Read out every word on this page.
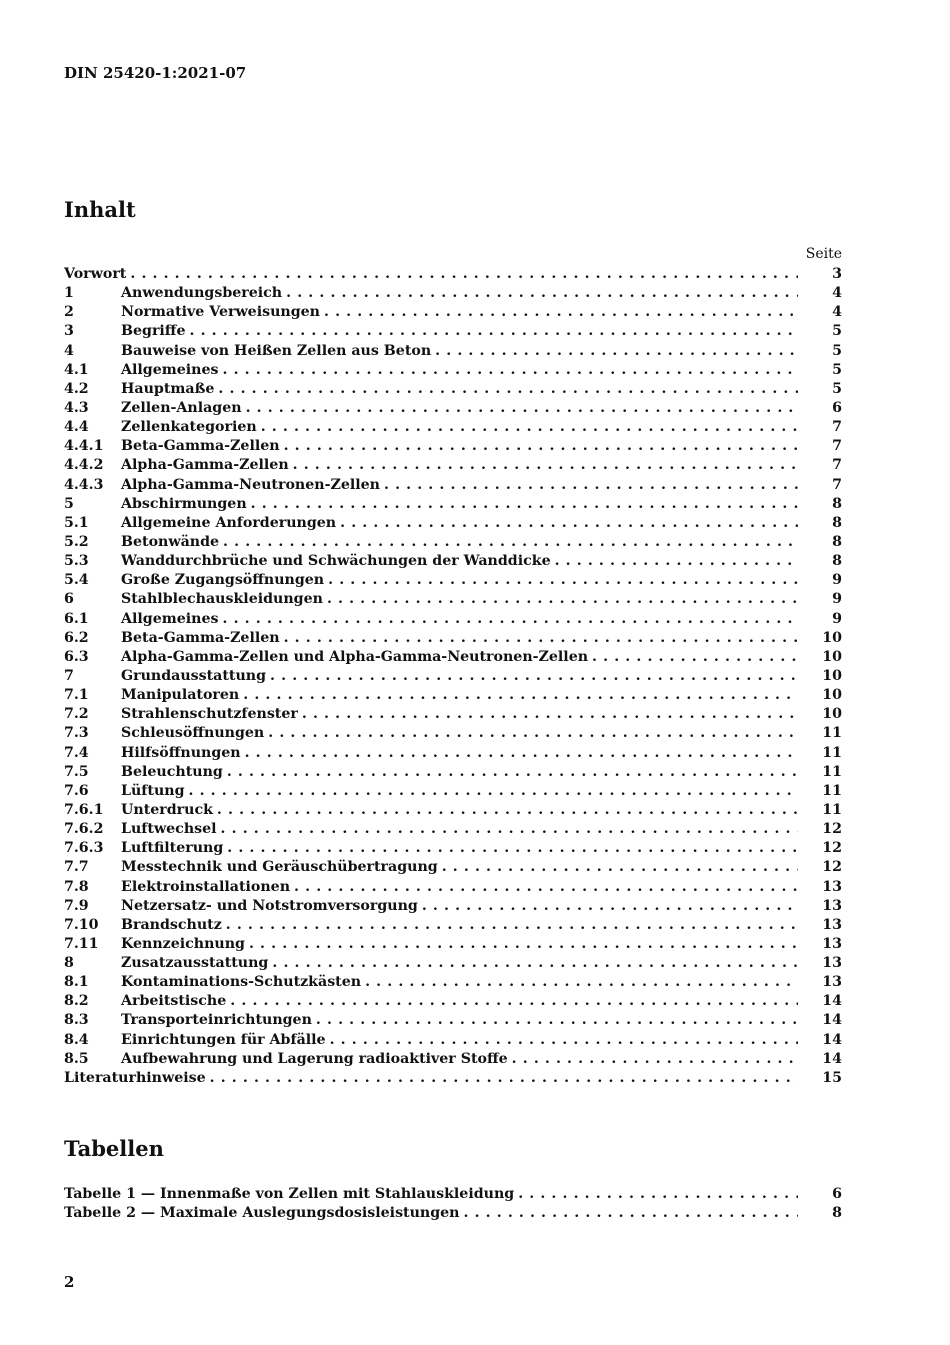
DIN 25420-1:2021-07
Inhalt
Seite
Vorwort . . .	3
1	Anwendungsbereich . . .	4
2	Normative Verweisungen . . .	4
3	Begriffe . . .	5
4	Bauweise von Heißen Zellen aus Beton . . .	5
4.1	Allgemeines . . .	5
4.2	Hauptmaße . . .	5
4.3	Zellen-Anlagen . . .	6
4.4	Zellenkategorien . . .	7
4.4.1	Beta-Gamma-Zellen . . .	7
4.4.2	Alpha-Gamma-Zellen . . .	7
4.4.3	Alpha-Gamma-Neutronen-Zellen . . .	7
5	Abschirmungen . . .	8
5.1	Allgemeine Anforderungen . . .	8
5.2	Betonwände . . .	8
5.3	Wanddurchbrüche und Schwächungen der Wanddicke . . .	8
5.4	Große Zugangsöffnungen . . .	9
6	Stahlblechauskleidungen . . .	9
6.1	Allgemeines . . .	9
6.2	Beta-Gamma-Zellen . . .	10
6.3	Alpha-Gamma-Zellen und Alpha-Gamma-Neutronen-Zellen . . .	10
7	Grundausstattung . . .	10
7.1	Manipulatoren . . .	10
7.2	Strahlenschutzfenster . . .	10
7.3	Schleusöffnungen . . .	11
7.4	Hilfsöffnungen . . .	11
7.5	Beleuchtung . . .	11
7.6	Lüftung . . .	11
7.6.1	Unterdruck . . .	11
7.6.2	Luftwechsel . . .	12
7.6.3	Luftfilterung . . .	12
7.7	Messtechnik und Geräuschübertragung . . .	12
7.8	Elektroinstallationen . . .	13
7.9	Netzersatz- und Notstromversorgung . . .	13
7.10	Brandschutz . . .	13
7.11	Kennzeichnung . . .	13
8	Zusatzausstattung . . .	13
8.1	Kontaminations-Schutzkästen . . .	13
8.2	Arbeitstische . . .	14
8.3	Transporteinrichtungen . . .	14
8.4	Einrichtungen für Abfälle . . .	14
8.5	Aufbewahrung und Lagerung radioaktiver Stoffe . . .	14
Literaturhinweise . . .	15
Tabellen
Tabelle 1 — Innenmaße von Zellen mit Stahlauskleidung . . .	6
Tabelle 2 — Maximale Auslegungsdosisleistungen . . .	8
2
